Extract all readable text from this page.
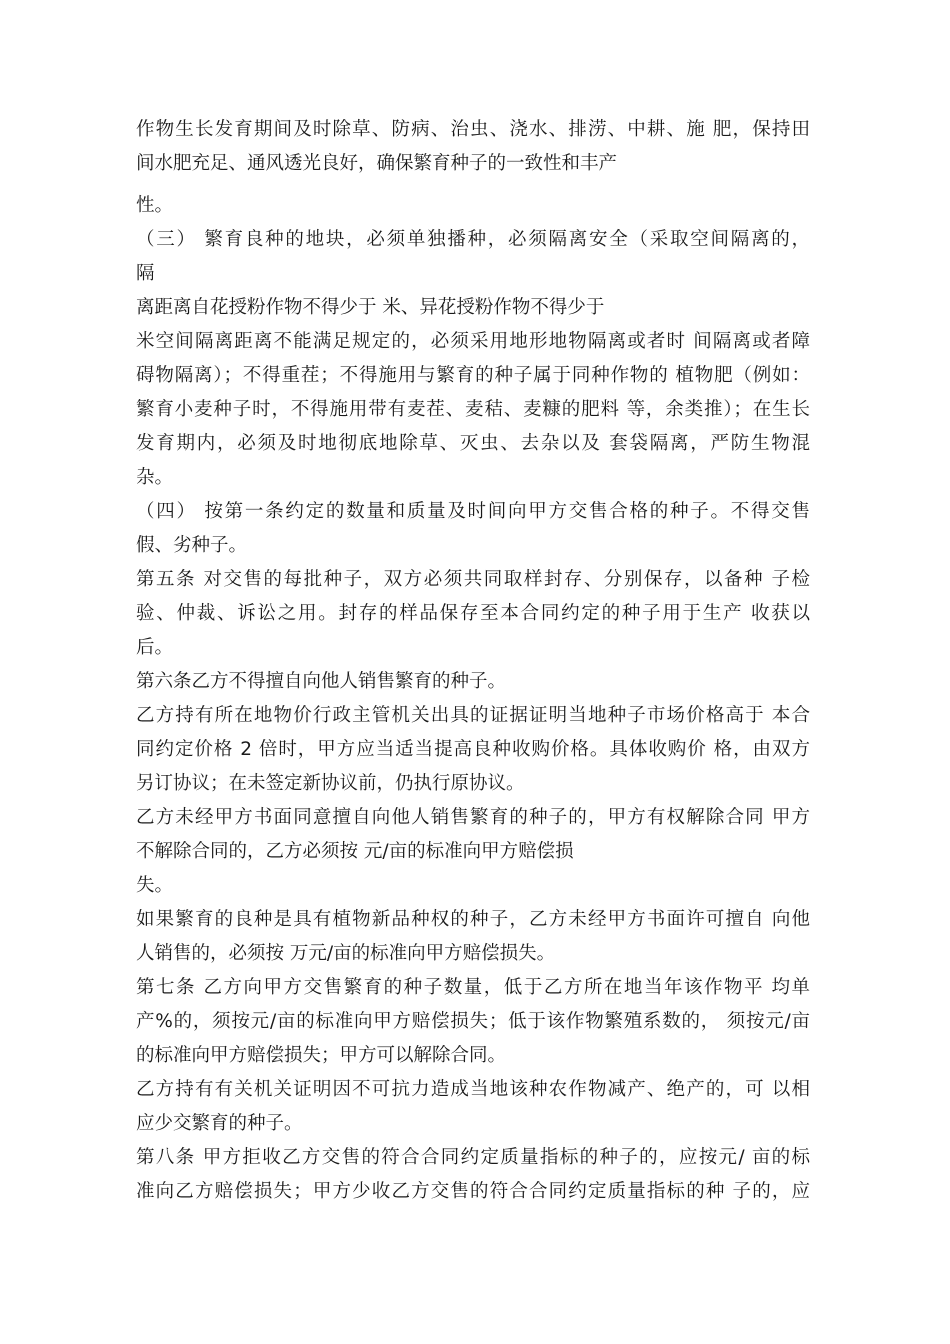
作物生长发育期间及时除草、防病、治虫、浇水、排涝、中耕、施 肥，保持田
间水肥充足、通风透光良好，确保繁育种子的一致性和丰产
性。
（三） 繁育良种的地块，必须单独播种，必须隔离安全（采取空间隔离的，
隔
离距离自花授粉作物不得少于 米、异花授粉作物不得少于
米空间隔离距离不能满足规定的，必须采用地形地物隔离或者时 间隔离或者障
碍物隔离）；不得重茬；不得施用与繁育的种子属于同种作物的 植物肥（例如：
繁育小麦种子时，不得施用带有麦茬、麦秸、麦糠的肥料 等，余类推）；在生长
发育期内，必须及时地彻底地除草、灭虫、去杂以及 套袋隔离，严防生物混
杂。
（四） 按第一条约定的数量和质量及时间向甲方交售合格的种子。不得交售
假、劣种子。
第五条 对交售的每批种子，双方必须共同取样封存、分别保存，以备种 子检
验、仲裁、诉讼之用。封存的样品保存至本合同约定的种子用于生产 收获以
后。
第六条乙方不得擅自向他人销售繁育的种子。
乙方持有所在地物价行政主管机关出具的证据证明当地种子市场价格高于 本合
同约定价格 2 倍时，甲方应当适当提高良种收购价格。具体收购价 格，由双方
另订协议；在未签定新协议前，仍执行原协议。
乙方未经甲方书面同意擅自向他人销售繁育的种子的，甲方有权解除合同 甲方
不解除合同的，乙方必须按 元/亩的标准向甲方赔偿损
失。
如果繁育的良种是具有植物新品种权的种子，乙方未经甲方书面许可擅自 向他
人销售的，必须按 万元/亩的标准向甲方赔偿损失。
第七条 乙方向甲方交售繁育的种子数量，低于乙方所在地当年该作物平 均单
产%的，须按元/亩的标准向甲方赔偿损失；低于该作物繁殖系数的， 须按元/亩
的标准向甲方赔偿损失；甲方可以解除合同。
乙方持有有关机关证明因不可抗力造成当地该种农作物减产、绝产的，可 以相
应少交繁育的种子。
第八条 甲方拒收乙方交售的符合合同约定质量指标的种子的，应按元/ 亩的标
准向乙方赔偿损失；甲方少收乙方交售的符合合同约定质量指标的种 子的，应
